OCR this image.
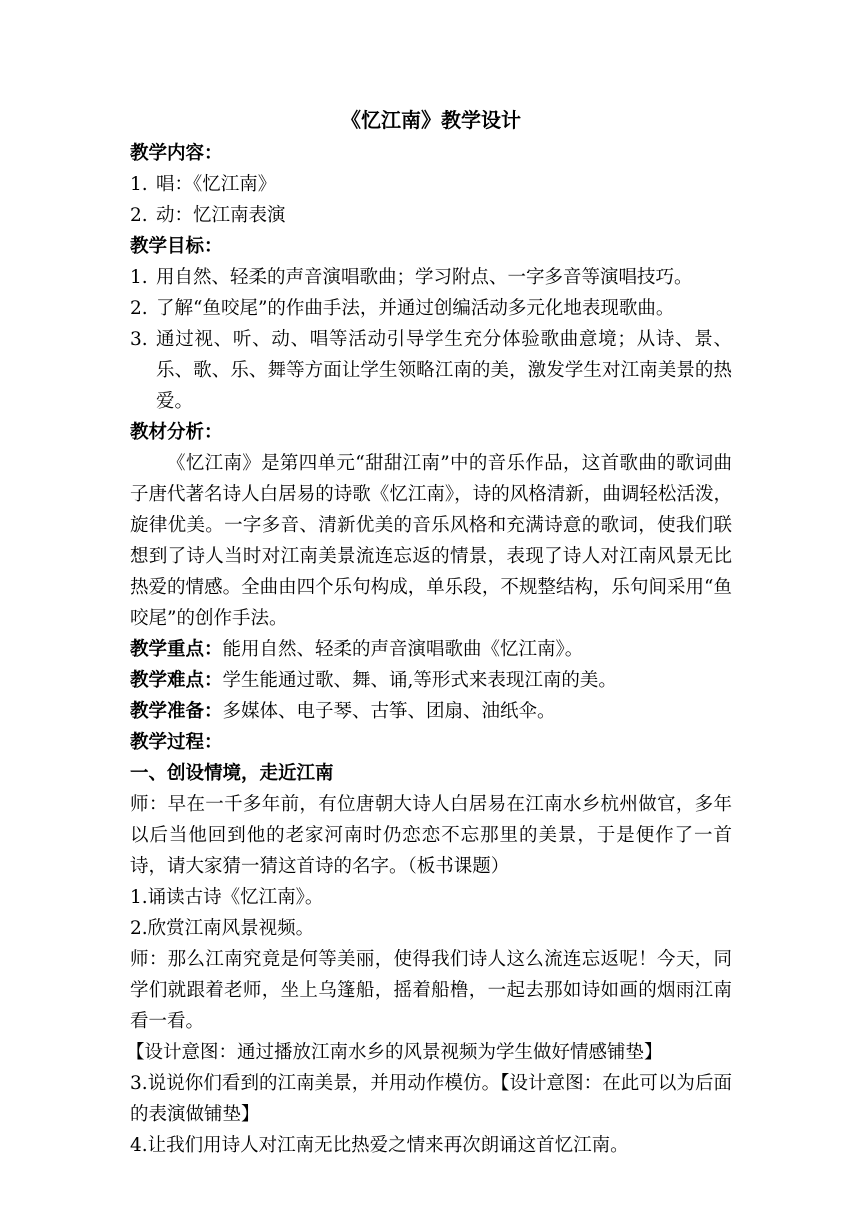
《忆江南》教学设计
教学内容：
1. 唱：《忆江南》
2. 动：忆江南表演
教学目标：
1. 用自然、轻柔的声音演唱歌曲；学习附点、一字多音等演唱技巧。
2. 了解“鱼咬尾”的作曲手法，并通过创编活动多元化地表现歌曲。
3. 通过视、听、动、唱等活动引导学生充分体验歌曲意境；从诗、景、乐、歌、乐、舞等方面让学生领略江南的美，激发学生对江南美景的热爱。
教材分析：

《忆江南》是第四单元“甜甜江南”中的音乐作品，这首歌曲的歌词曲子唐代著名诗人白居易的诗歌《忆江南》，诗的风格清新，曲调轻松活泼，旋律优美。一字多音、清新优美的音乐风格和充满诗意的歌词，使我们联想到了诗人当时对江南美景流连忘返的情景，表现了诗人对江南风景无比热爱的情感。全曲由四个乐句构成，单乐段，不规整结构，乐句间采用“鱼咬尾”的创作手法。

教学重点：能用自然、轻柔的声音演唱歌曲《忆江南》。
教学难点：学生能通过歌、舞、诵,等形式来表现江南的美。
教学准备：多媒体、电子琴、古筝、团扇、油纸伞。
教学过程：
一、创设情境，走近江南

师：早在一千多年前，有位唐朝大诗人白居易在江南水乡杭州做官，多年以后当他回到他的老家河南时仍恋恋不忘那里的美景，于是便作了一首诗，请大家猜一猜这首诗的名字。（板书课题）

1.诵读古诗《忆江南》。
2.欣赏江南风景视频。

师：那么江南究竟是何等美丽，使得我们诗人这么流连忘返呢！今天，同学们就跟着老师，坐上乌篷船，摇着船橹，一起去那如诗如画的烟雨江南看一看。

【设计意图：通过播放江南水乡的风景视频为学生做好情感铺垫】

3.说说你们看到的江南美景，并用动作模仿。【设计意图：在此可以为后面的表演做铺垫】

4.让我们用诗人对江南无比热爱之情来再次朗诵这首忆江南。
